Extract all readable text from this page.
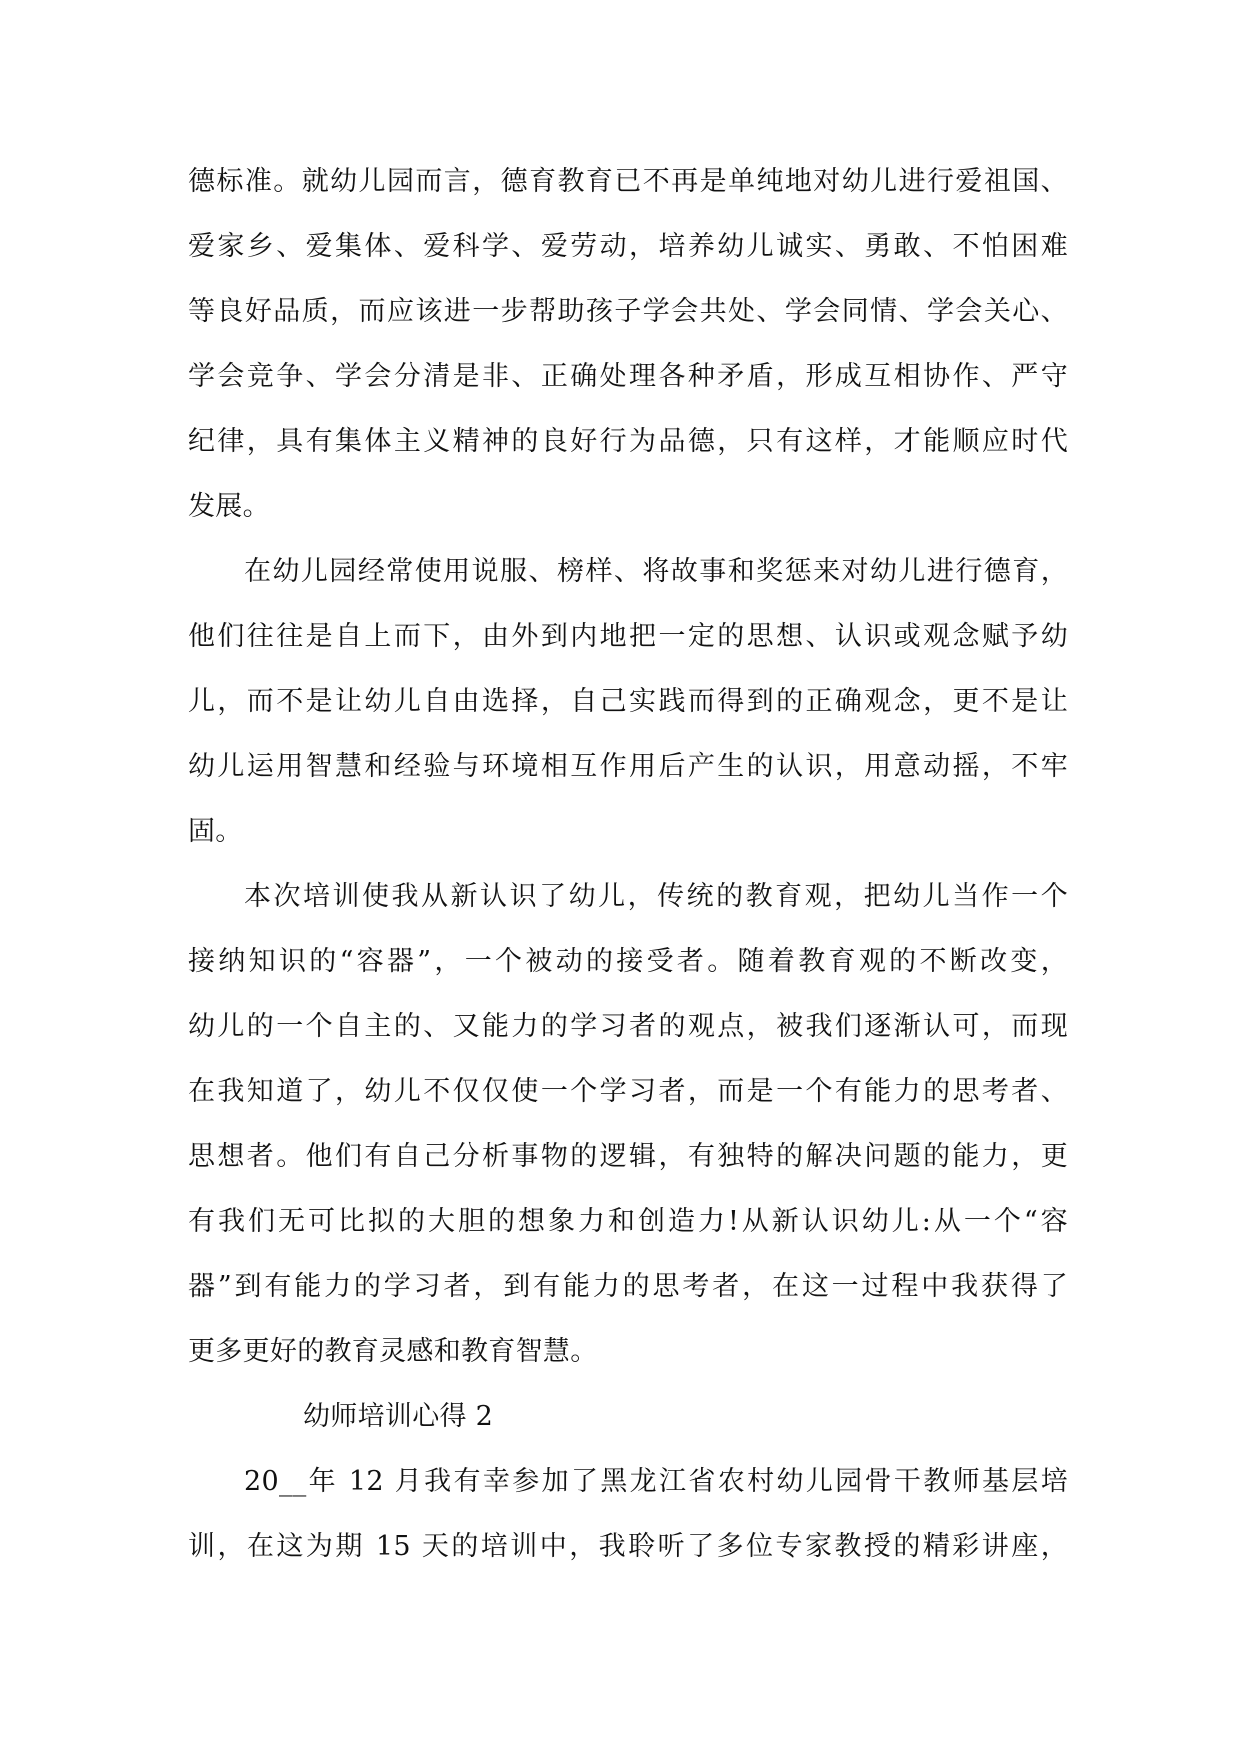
德标准。就幼儿园而言，德育教育已不再是单纯地对幼儿进行爱祖国、
爱家乡、爱集体、爱科学、爱劳动，培养幼儿诚实、勇敢、不怕困难
等良好品质，而应该进一步帮助孩子学会共处、学会同情、学会关心、
学会竞争、学会分清是非、正确处理各种矛盾，形成互相协作、严守
纪律，具有集体主义精神的良好行为品德，只有这样，才能顺应时代
发展。
在幼儿园经常使用说服、榜样、将故事和奖惩来对幼儿进行德育，
他们往往是自上而下，由外到内地把一定的思想、认识或观念赋予幼
儿，而不是让幼儿自由选择，自己实践而得到的正确观念，更不是让
幼儿运用智慧和经验与环境相互作用后产生的认识，用意动摇，不牢
固。
本次培训使我从新认识了幼儿，传统的教育观，把幼儿当作一个
接纳知识的“容器”，一个被动的接受者。随着教育观的不断改变，
幼儿的一个自主的、又能力的学习者的观点，被我们逐渐认可，而现
在我知道了，幼儿不仅仅使一个学习者，而是一个有能力的思考者、
思想者。他们有自己分析事物的逻辑，有独特的解决问题的能力，更
有我们无可比拟的大胆的想象力和创造力!从新认识幼儿:从一个“容
器”到有能力的学习者，到有能力的思考者，在这一过程中我获得了
更多更好的教育灵感和教育智慧。
幼师培训心得 2
20__年 12 月我有幸参加了黑龙江省农村幼儿园骨干教师基层培
训，在这为期 15 天的培训中，我聆听了多位专家教授的精彩讲座，
